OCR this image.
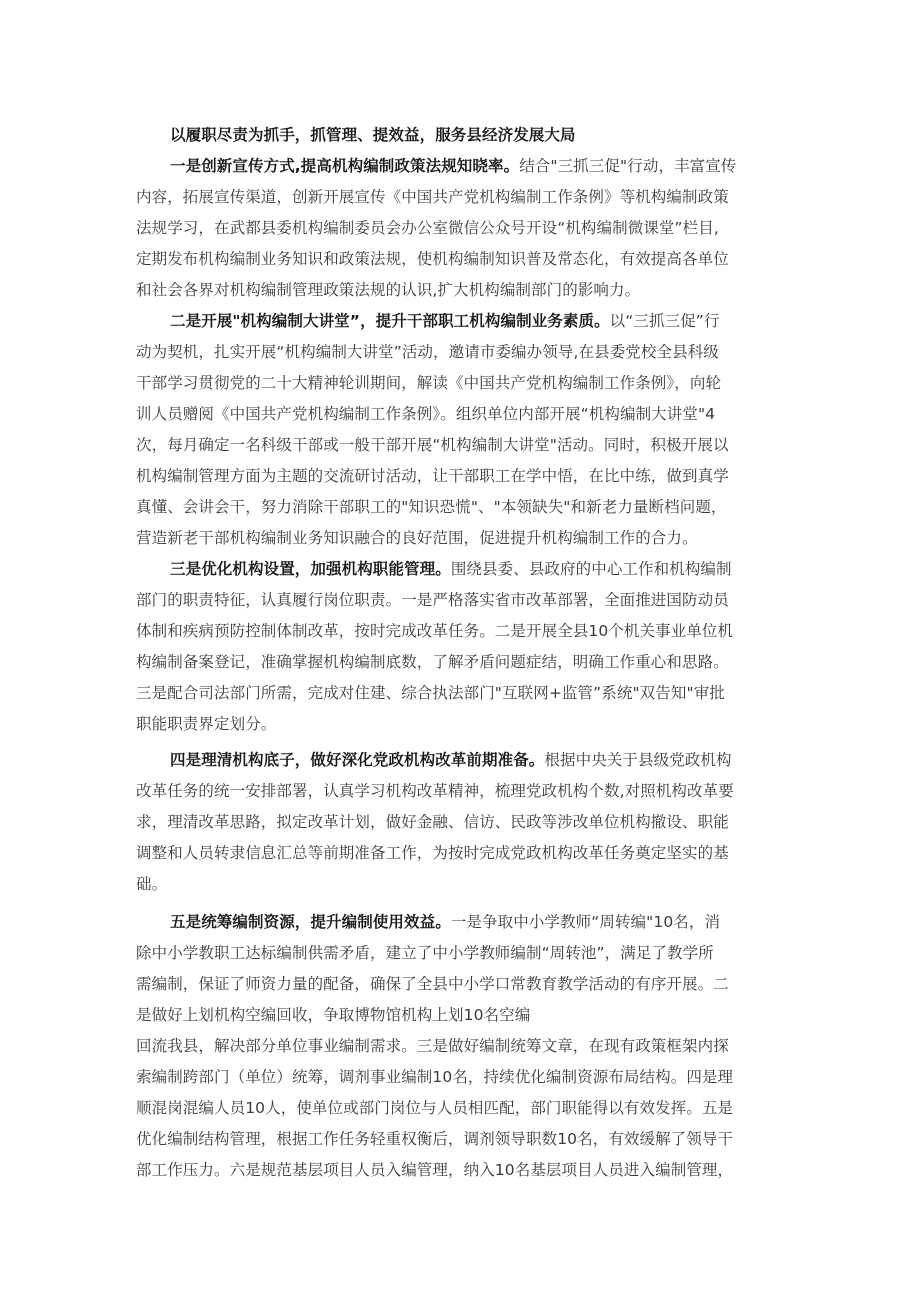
以履职尽责为抓手，抓管理、提效益，服务县经济发展大局
一是创新宣传方式,提高机构编制政策法规知晓率。结合"三抓三促"行动，丰富宣传
内容，拓展宣传渠道，创新开展宣传《中国共产党机构编制工作条例》等机构编制政策
法规学习，在武都县委机构编制委员会办公室微信公众号开设“机构编制微课堂”栏目,
定期发布机构编制业务知识和政策法规，使机构编制知识普及常态化，有效提高各单位
和社会各界对机构编制管理政策法规的认识,扩大机构编制部门的影响力。
二是开展"机构编制大讲堂”，提升干部职工机构编制业务素质。以“三抓三促”行
动为契机，扎实开展“机构编制大讲堂”活动，邀请市委编办领导,在县委党校全县科级
干部学习贯彻党的二十大精神轮训期间，解读《中国共产党机构编制工作条例》，向轮
训人员赠阅《中国共产党机构编制工作条例》。组织单位内部开展“机构编制大讲堂"4
次，每月确定一名科级干部或一般干部开展“机构编制大讲堂"活动。同时，积极开展以
机构编制管理方面为主题的交流研讨活动，让干部职工在学中悟，在比中练，做到真学
真懂、会讲会干，努力消除干部职工的"知识恐慌"、"本领缺失"和新老力量断档问题，
营造新老干部机构编制业务知识融合的良好范围，促进提升机构编制工作的合力。
三是优化机构设置，加强机构职能管理。围绕县委、县政府的中心工作和机构编制
部门的职责特征，认真履行岗位职责。一是严格落实省市改革部署，全面推进国防动员
体制和疾病预防控制体制改革，按时完成改革任务。二是开展全县10个机关事业单位机
构编制备案登记，准确掌握机构编制底数，了解矛盾问题症结，明确工作重心和思路。
三是配合司法部门所需，完成对住建、综合执法部门"互联网+监管”系统"双告知"审批
职能职责界定划分。
四是理清机构底子，做好深化党政机构改革前期准备。根据中央关于县级党政机构
改革任务的统一安排部署，认真学习机构改革精神，梳理党政机构个数,对照机构改革要
求，理清改革思路，拟定改革计划，做好金融、信访、民政等涉改单位机构撤设、职能
调整和人员转隶信息汇总等前期准备工作，为按时完成党政机构改革任务奠定坚实的基
础。
五是统筹编制资源，提升编制使用效益。一是争取中小学教师“周转编"10名，消
除中小学教职工达标编制供需矛盾，建立了中小学教师编制“周转池”，满足了教学所
需编制，保证了师资力量的配备，确保了全县中小学口常教育教学活动的有序开展。二
是做好上划机构空编回收，争取博物馆机构上划10名空编
回流我县，解决部分单位事业编制需求。三是做好编制统筹文章，在现有政策框架内探
索编制跨部门（单位）统筹，调剂事业编制10名，持续优化编制资源布局结构。四是理
顺混岗混编人员10人，使单位或部门岗位与人员相匹配，部门职能得以有效发挥。五是
优化编制结构管理，根据工作任务轻重权衡后，调剂领导职数10名，有效缓解了领导干
部工作压力。六是规范基层项目人员入编管理，纳入10名基层项目人员进入编制管理，
